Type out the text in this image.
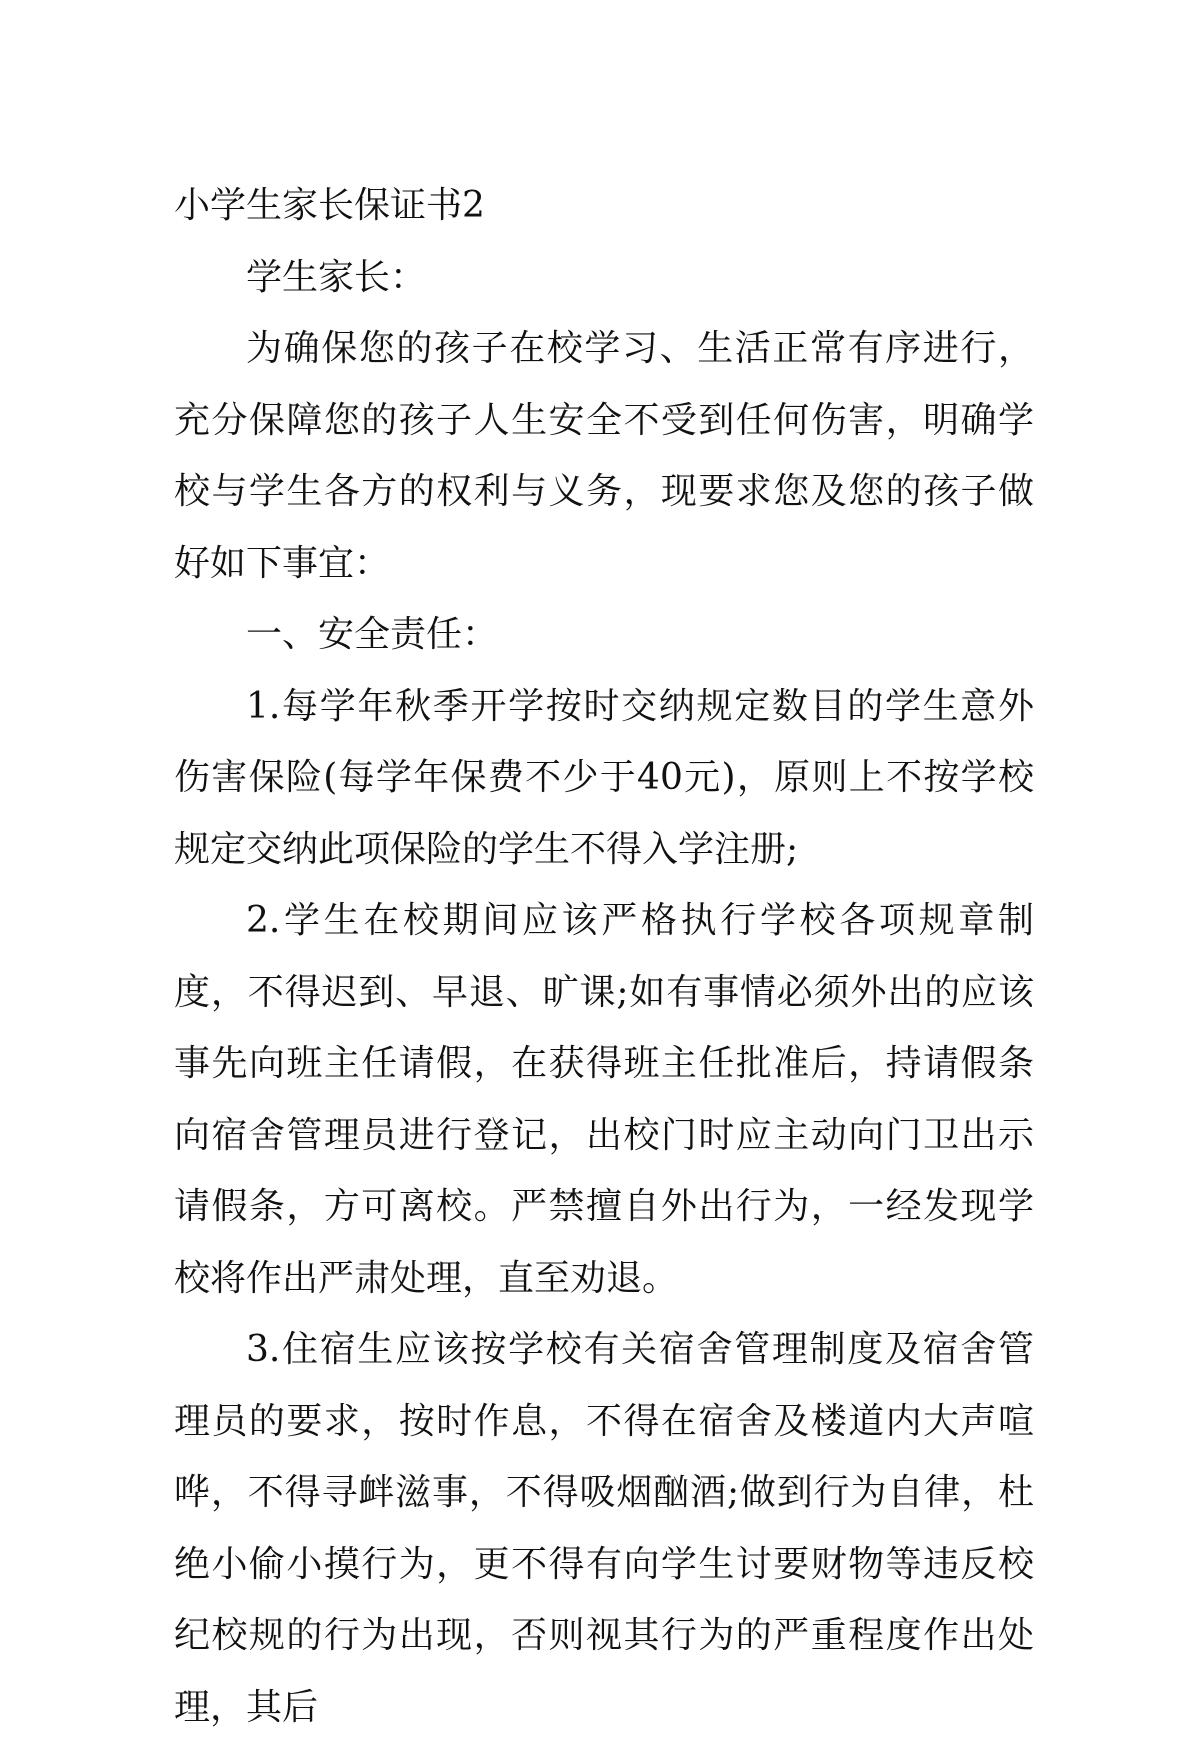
小学生家长保证书2

学生家长：

为确保您的孩子在校学习、生活正常有序进行，充分保障您的孩子人生安全不受到任何伤害，明确学校与学生各方的权利与义务，现要求您及您的孩子做好如下事宜：

一、安全责任：

1.每学年秋季开学按时交纳规定数目的学生意外伤害保险(每学年保费不少于40元)，原则上不按学校规定交纳此项保险的学生不得入学注册;

2.学生在校期间应该严格执行学校各项规章制度，不得迟到、早退、旷课;如有事情必须外出的应该事先向班主任请假，在获得班主任批准后，持请假条向宿舍管理员进行登记，出校门时应主动向门卫出示请假条，方可离校。严禁擅自外出行为，一经发现学校将作出严肃处理，直至劝退。

3.住宿生应该按学校有关宿舍管理制度及宿舍管理员的要求，按时作息，不得在宿舍及楼道内大声喧哗，不得寻衅滋事，不得吸烟酗酒;做到行为自律，杜绝小偷小摸行为，更不得有向学生讨要财物等违反校纪校规的行为出现，否则视其行为的严重程度作出处理，其后
